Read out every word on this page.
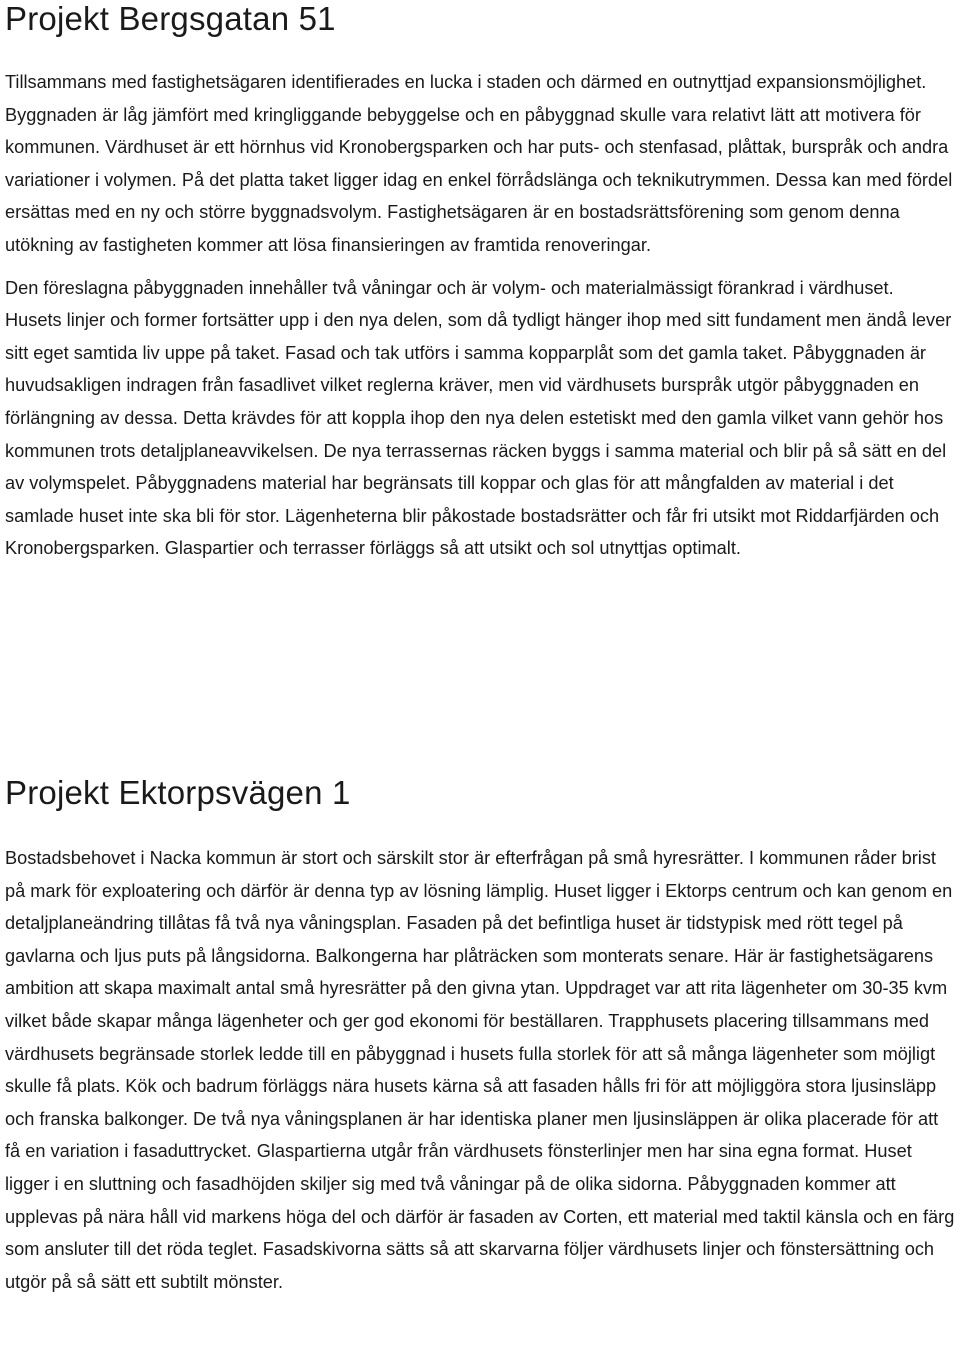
Projekt Bergsgatan 51

Tillsammans med fastighetsägaren identifierades en lucka i staden och därmed en outnyttjad expansionsmöjlighet. Byggnaden är låg jämfört med kringliggande bebyggelse och en påbyggnad skulle vara relativt lätt att motivera för kommunen. Värdhuset är ett hörnhus vid Kronobergsparken och har puts- och stenfasad, plåttak, burspråk och andra variationer i volymen. På det platta taket ligger idag en enkel förrådslänga och teknikutrymmen. Dessa kan med fördel ersättas med en ny och större byggnadsvolym. Fastighetsägaren är en bostadsrättsförening som genom denna utökning av fastigheten kommer att lösa finansieringen av framtida renoveringar.

Den föreslagna påbyggnaden innehåller två våningar och är volym- och materialmässigt förankrad i värdhuset. Husets linjer och former fortsätter upp i den nya delen, som då tydligt hänger ihop med sitt fundament men ändå lever sitt eget samtida liv uppe på taket. Fasad och tak utförs i samma kopparplåt som det gamla taket. Påbyggnaden är huvudsakligen indragen från fasadlivet vilket reglerna kräver, men vid värdhusets burspråk utgör påbyggnaden en förlängning av dessa. Detta krävdes för att koppla ihop den nya delen estetiskt med den gamla vilket vann gehör hos kommunen trots detaljplaneavvikelsen. De nya terrassernas räcken byggs i samma material och blir på så sätt en del av volymspelet. Påbyggnadens material har begränsats till koppar och glas för att mångfalden av material i det samlade huset inte ska bli för stor. Lägenheterna blir påkostade bostadsrätter och får fri utsikt mot Riddarfjärden och Kronobergsparken. Glaspartier och terrasser förläggs så att utsikt och sol utnyttjas optimalt.

Projekt Ektorpsvägen 1

Bostadsbehovet i Nacka kommun är stort och särskilt stor är efterfrågan på små hyresrätter. I kommunen råder brist på mark för exploatering och därför är denna typ av lösning lämplig. Huset ligger i Ektorps centrum och kan genom en detaljplaneändring tillåtas få två nya våningsplan. Fasaden på det befintliga huset är tidstypisk med rött tegel på gavlarna och ljus puts på långsidorna. Balkongerna har plåträcken som monterats senare. Här är fastighetsägarens ambition att skapa maximalt antal små hyresrätter på den givna ytan. Uppdraget var att rita lägenheter om 30-35 kvm vilket både skapar många lägenheter och ger god ekonomi för beställaren. Trapphusets placering tillsammans med värdhusets begränsade storlek ledde till en påbyggnad i husets fulla storlek för att så många lägenheter som möjligt skulle få plats. Kök och badrum förläggs nära husets kärna så att fasaden hålls fri för att möjliggöra stora ljusinsläpp och franska balkonger. De två nya våningsplanen är har identiska planer men ljusinsläppen är olika placerade för att få en variation i fasaduttrycket. Glaspartierna utgår från värdhusets fönsterlinjer men har sina egna format. Huset ligger i en sluttning och fasadhöjden skiljer sig med två våningar på de olika sidorna. Påbyggnaden kommer att upplevas på nära håll vid markens höga del och därför är fasaden av Corten, ett material med taktil känsla och en färg som ansluter till det röda teglet. Fasadskivorna sätts så att skarvarna följer värdhusets linjer och fönstersättning och utgör på så sätt ett subtilt mönster.
